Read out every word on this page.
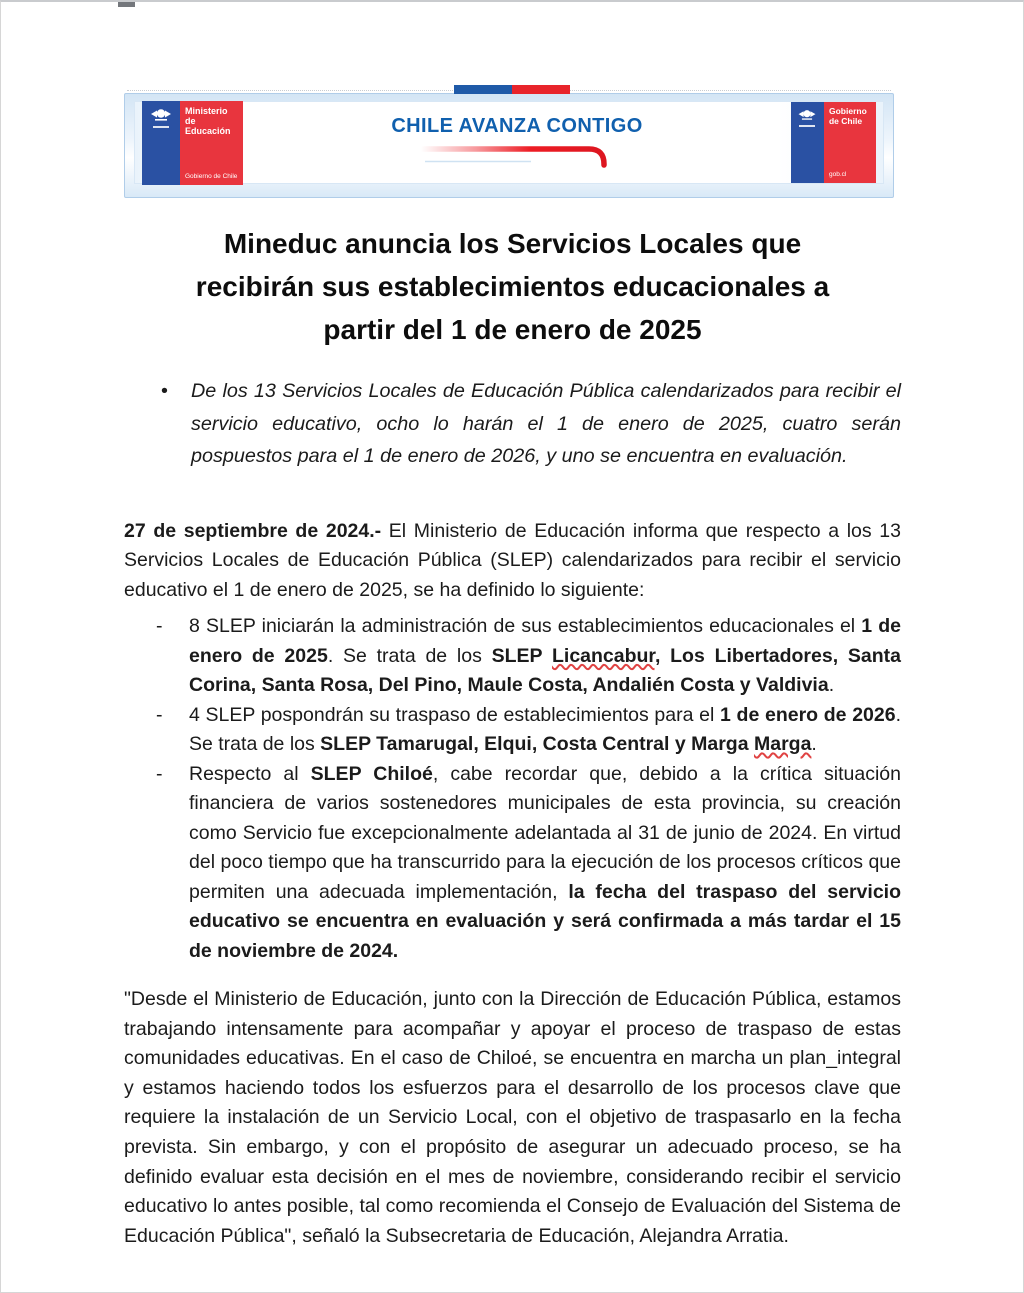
Ministerio de
Educación
Gobierno de Chile
CHILE AVANZA CONTIGO
Gobierno
de Chile
gob.cl
Mineduc anuncia los Servicios Locales que
recibirán sus establecimientos educacionales a
partir del 1 de enero de 2025
•	De los 13 Servicios Locales de Educación Pública calendarizados para recibir el servicio educativo, ocho lo harán el 1 de enero de 2025, cuatro serán pospuestos para el 1 de enero de 2026, y uno se encuentra en evaluación.

27 de septiembre de 2024.- El Ministerio de Educación informa que respecto a los 13 Servicios Locales de Educación Pública (SLEP) calendarizados para recibir el servicio educativo el 1 de enero de 2025, se ha definido lo siguiente:

-	8 SLEP iniciarán la administración de sus establecimientos educacionales el 1 de enero de 2025. Se trata de los SLEP Licancabur, Los Libertadores, Santa Corina, Santa Rosa, Del Pino, Maule Costa, Andalién Costa y Valdivia.
-	4 SLEP pospondrán su traspaso de establecimientos para el 1 de enero de 2026. Se trata de los SLEP Tamarugal, Elqui, Costa Central y Marga Marga.
-	Respecto al SLEP Chiloé, cabe recordar que, debido a la crítica situación financiera de varios sostenedores municipales de esta provincia, su creación como Servicio fue excepcionalmente adelantada al 31 de junio de 2024. En virtud del poco tiempo que ha transcurrido para la ejecución de los procesos críticos que permiten una adecuada implementación, la fecha del traspaso del servicio educativo se encuentra en evaluación y será confirmada a más tardar el 15 de noviembre de 2024.

"Desde el Ministerio de Educación, junto con la Dirección de Educación Pública, estamos trabajando intensamente para acompañar y apoyar el proceso de traspaso de estas comunidades educativas. En el caso de Chiloé, se encuentra en marcha un plan_integral y estamos haciendo todos los esfuerzos para el desarrollo de los procesos clave que requiere la instalación de un Servicio Local, con el objetivo de traspasarlo en la fecha prevista. Sin embargo, y con el propósito de asegurar un adecuado proceso, se ha definido evaluar esta decisión en el mes de noviembre, considerando recibir el servicio educativo lo antes posible, tal como recomienda el Consejo de Evaluación del Sistema de Educación Pública", señaló la Subsecretaria de Educación, Alejandra Arratia.
